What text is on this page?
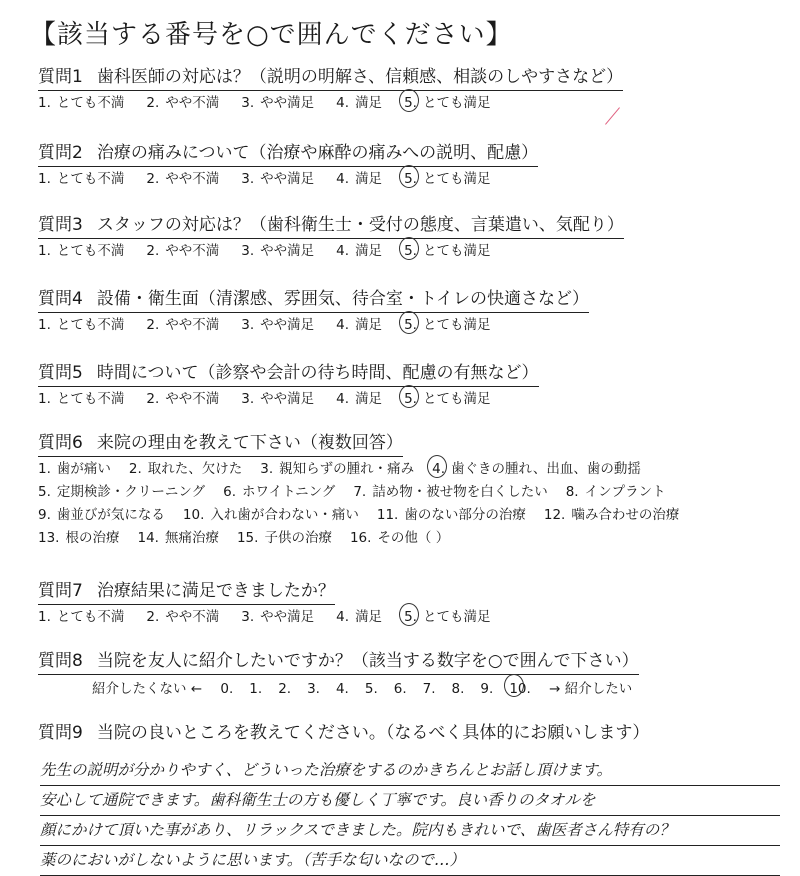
【該当する番号を○で囲んでください】
質問1 歯科医師の対応は？（説明の明解さ、信頼感、相談のしやすさなど）
1. とても不満 2. やや不満 3. やや満足 4. 満足 5. とても満足
質問2 治療の痛みについて（治療や麻酔の痛みへの説明、配慮）
1. とても不満 2. やや不満 3. やや満足 4. 満足 5. とても満足
質問3 スタッフの対応は？（歯科衛生士・受付の態度、言葉遣い、気配り）
1. とても不満 2. やや不満 3. やや満足 4. 満足 5. とても満足
質問4 設備・衛生面（清潔感、雰囲気、待合室・トイレの快適さなど）
1. とても不満 2. やや不満 3. やや満足 4. 満足 5. とても満足
質問5 時間について（診察や会計の待ち時間、配慮の有無など）
1. とても不満 2. やや不満 3. やや満足 4. 満足 5. とても満足
質問6 来院の理由を教えて下さい（複数回答）
1. 歯が痛い 2. 取れた、欠けた 3. 親知らずの腫れ・痛み 4. 歯ぐきの腫れ、出血、歯の動揺
5. 定期検診・クリーニング 6. ホワイトニング 7. 詰め物・被せ物を白くしたい 8. インプラント
9. 歯並びが気になる 10. 入れ歯が合わない・痛い 11. 歯のない部分の治療 12. 噛み合わせの治療
13. 根の治療 14. 無痛治療 15. 子供の治療 16. その他（ ）
質問7 治療結果に満足できましたか？
1. とても不満 2. やや不満 3. やや満足 4. 満足 5. とても満足
質問8 当院を友人に紹介したいですか？（該当する数字を○で囲んで下さい）
紹介したくない ← 0. 1. 2. 3. 4. 5. 6. 7. 8. 9. 10. → 紹介したい
質問9 当院の良いところを教えてください。（なるべく具体的にお願いします）
先生の説明が分かりやすく、どういった治療をするのかきちんとお話し頂けます。
安心して通院できます。歯科衛生士の方も優しく丁寧です。良い香りのタオルを
顔にかけて頂いた事があり、リラックスできました。院内もきれいで、歯医者さん特有の？
薬のにおいがしないように思います。（苦手な匂いなので…）
